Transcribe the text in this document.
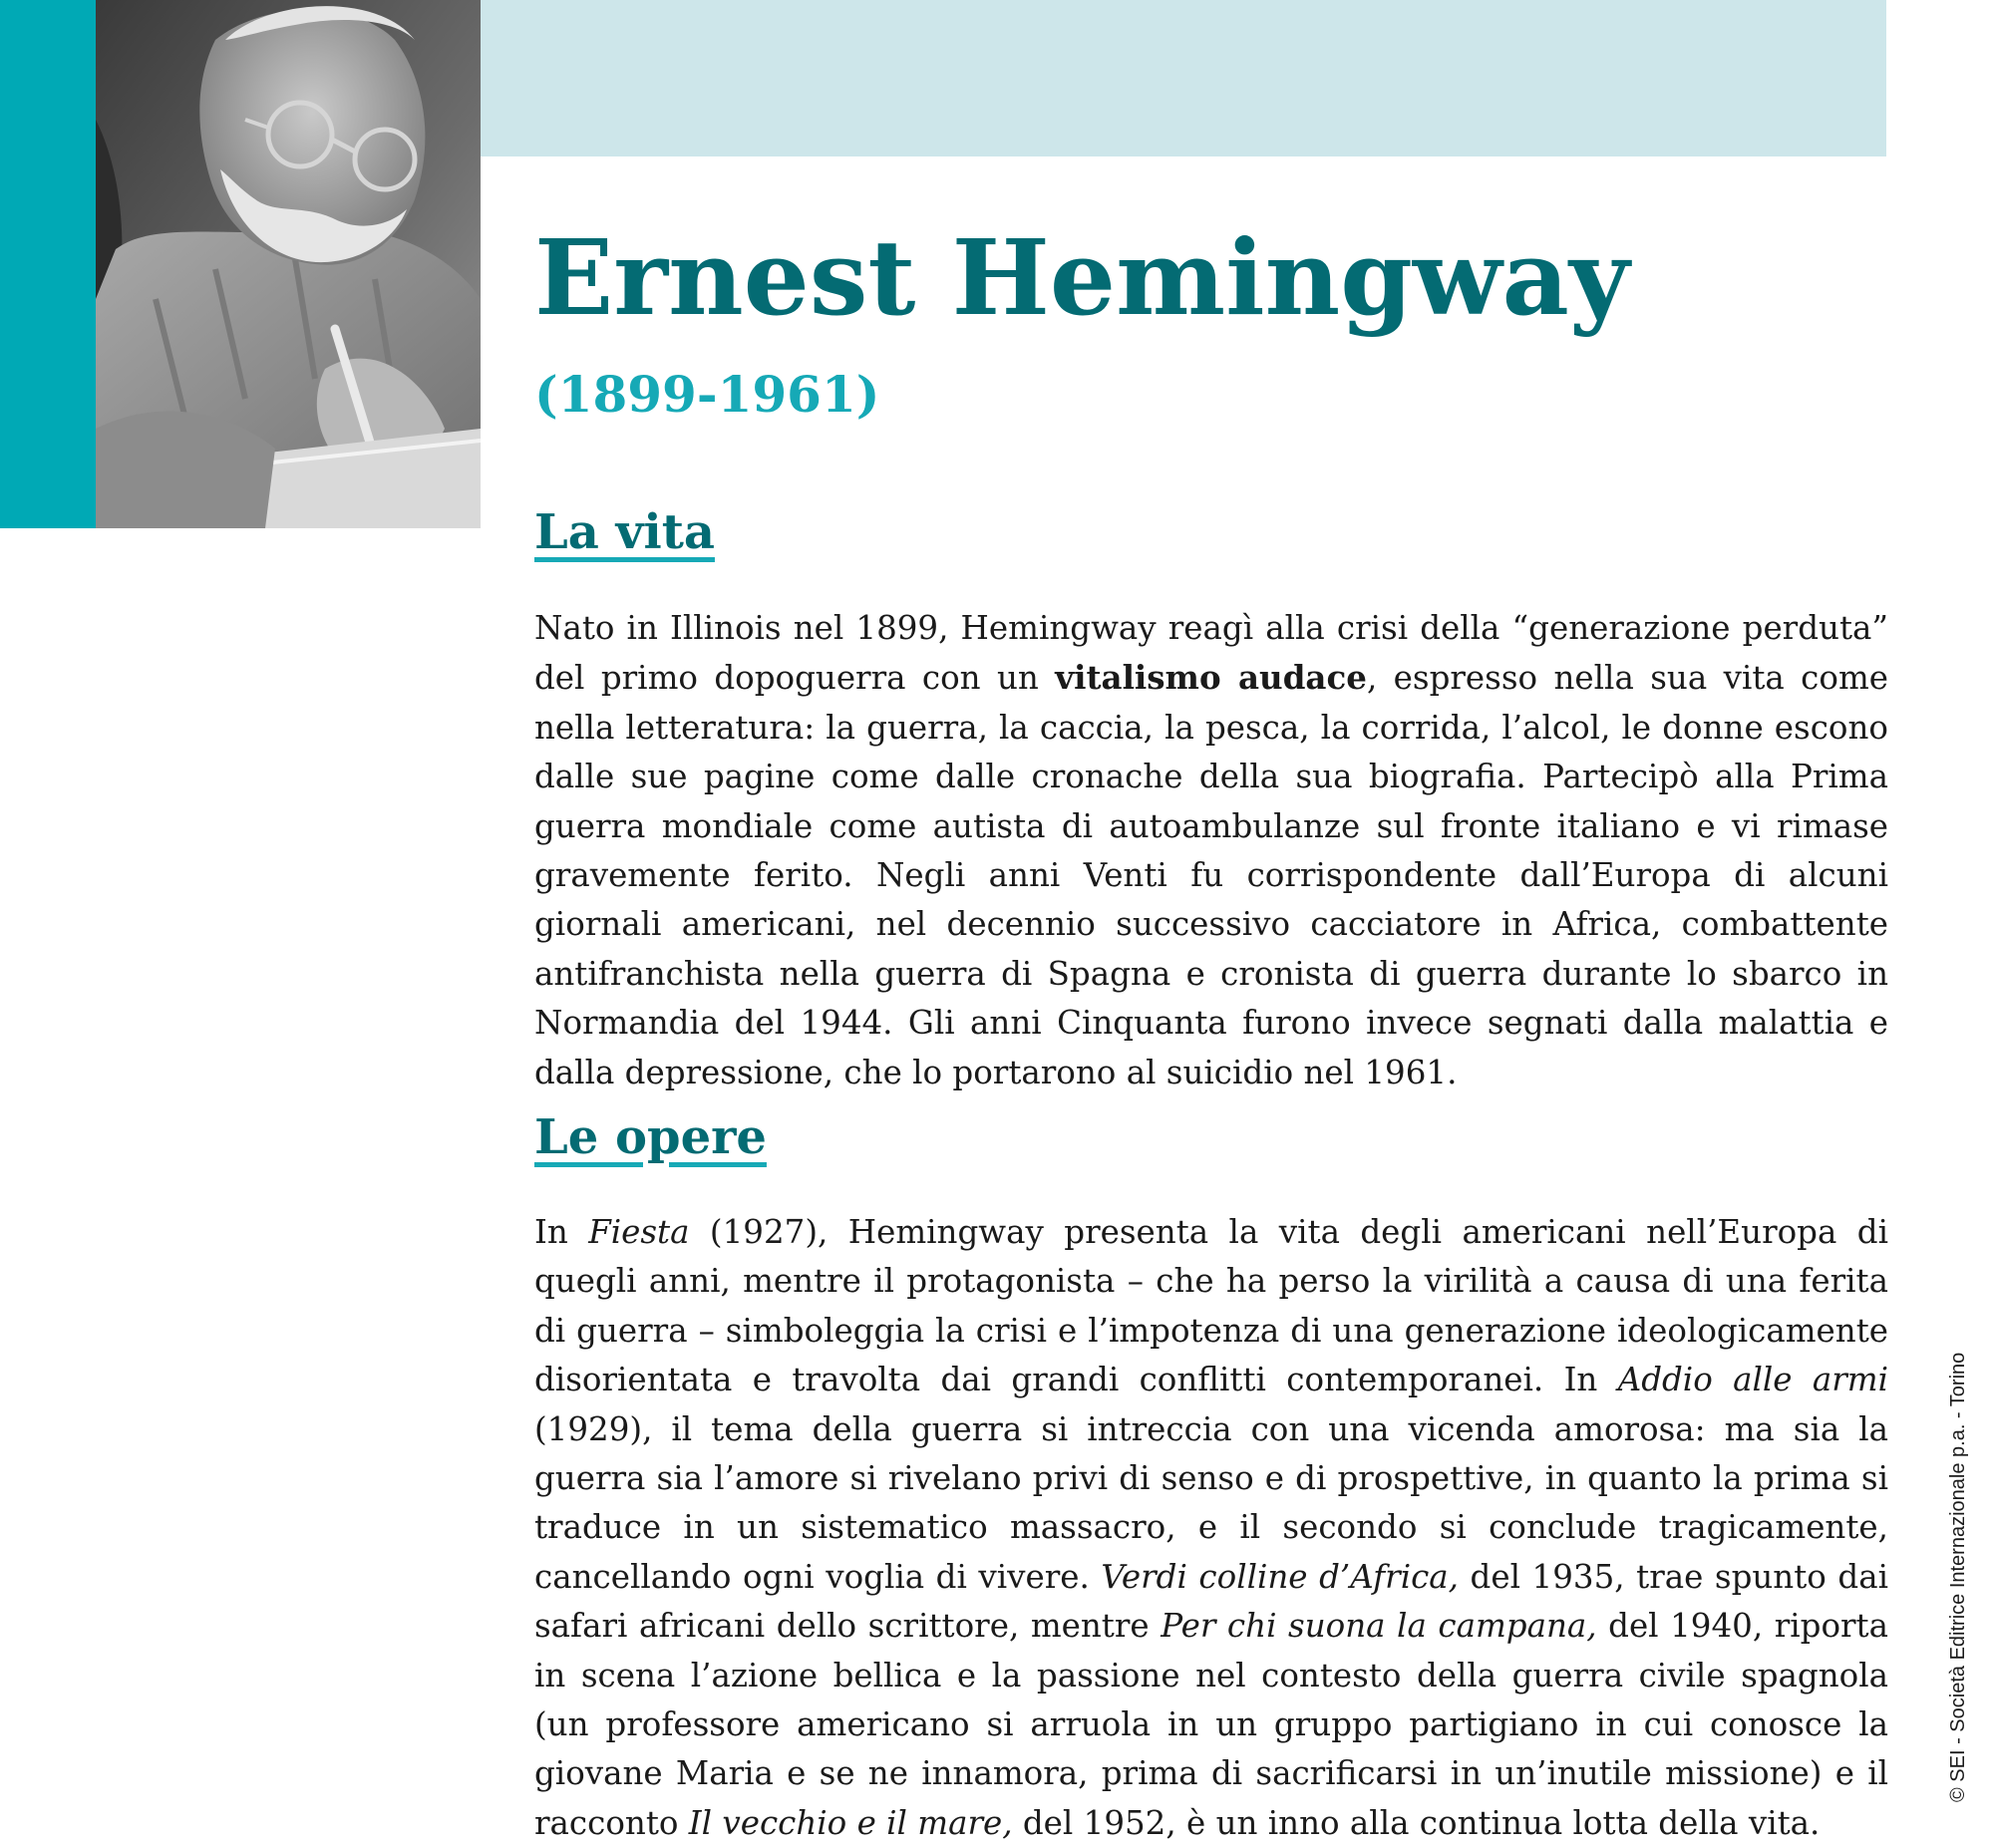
Ernest Hemingway
(1899-1961)
La vita

Nato in Illinois nel 1899, Hemingway reagì alla crisi della “generazione perduta” del primo dopoguerra con un vitalismo audace, espresso nella sua vita come nella letteratura: la guerra, la caccia, la pesca, la corrida, l’alcol, le donne escono dalle sue pagine come dalle cronache della sua biografia. Partecipò alla Prima guerra mondiale come autista di autoambulanze sul fronte italiano e vi rimase gravemente ferito. Negli anni Venti fu corrispondente dall’Europa di alcuni giornali americani, nel decennio successivo cacciatore in Africa, combattente antifranchista nella guerra di Spagna e cronista di guerra durante lo sbarco in Normandia del 1944. Gli anni Cinquanta furono invece segnati dalla malattia e dalla depressione, che lo portarono al suicidio nel 1961.

Le opere

In Fiesta (1927), Hemingway presenta la vita degli americani nell’Europa di quegli anni, mentre il protagonista – che ha perso la virilità a causa di una ferita di guerra – simboleggia la crisi e l’impotenza di una generazione ideologicamente disorientata e travolta dai grandi conflitti contemporanei. In Addio alle armi (1929), il tema della guerra si intreccia con una vicenda amorosa: ma sia la guerra sia l’amore si rivelano privi di senso e di prospettive, in quanto la prima si traduce in un sistematico massacro, e il secondo si conclude tragicamente, cancellando ogni voglia di vivere. Verdi colline d’Africa, del 1935, trae spunto dai safari africani dello scrittore, mentre Per chi suona la campana, del 1940, riporta in scena l’azione bellica e la passione nel contesto della guerra civile spagnola (un professore americano si arruola in un gruppo partigiano in cui conosce la giovane Maria e se ne innamora, prima di sacrificarsi in un’inutile missione) e il racconto Il vecchio e il mare, del 1952, è un inno alla continua lotta della vita.

© SEI - Società Editrice Internazionale p.a. - Torino
